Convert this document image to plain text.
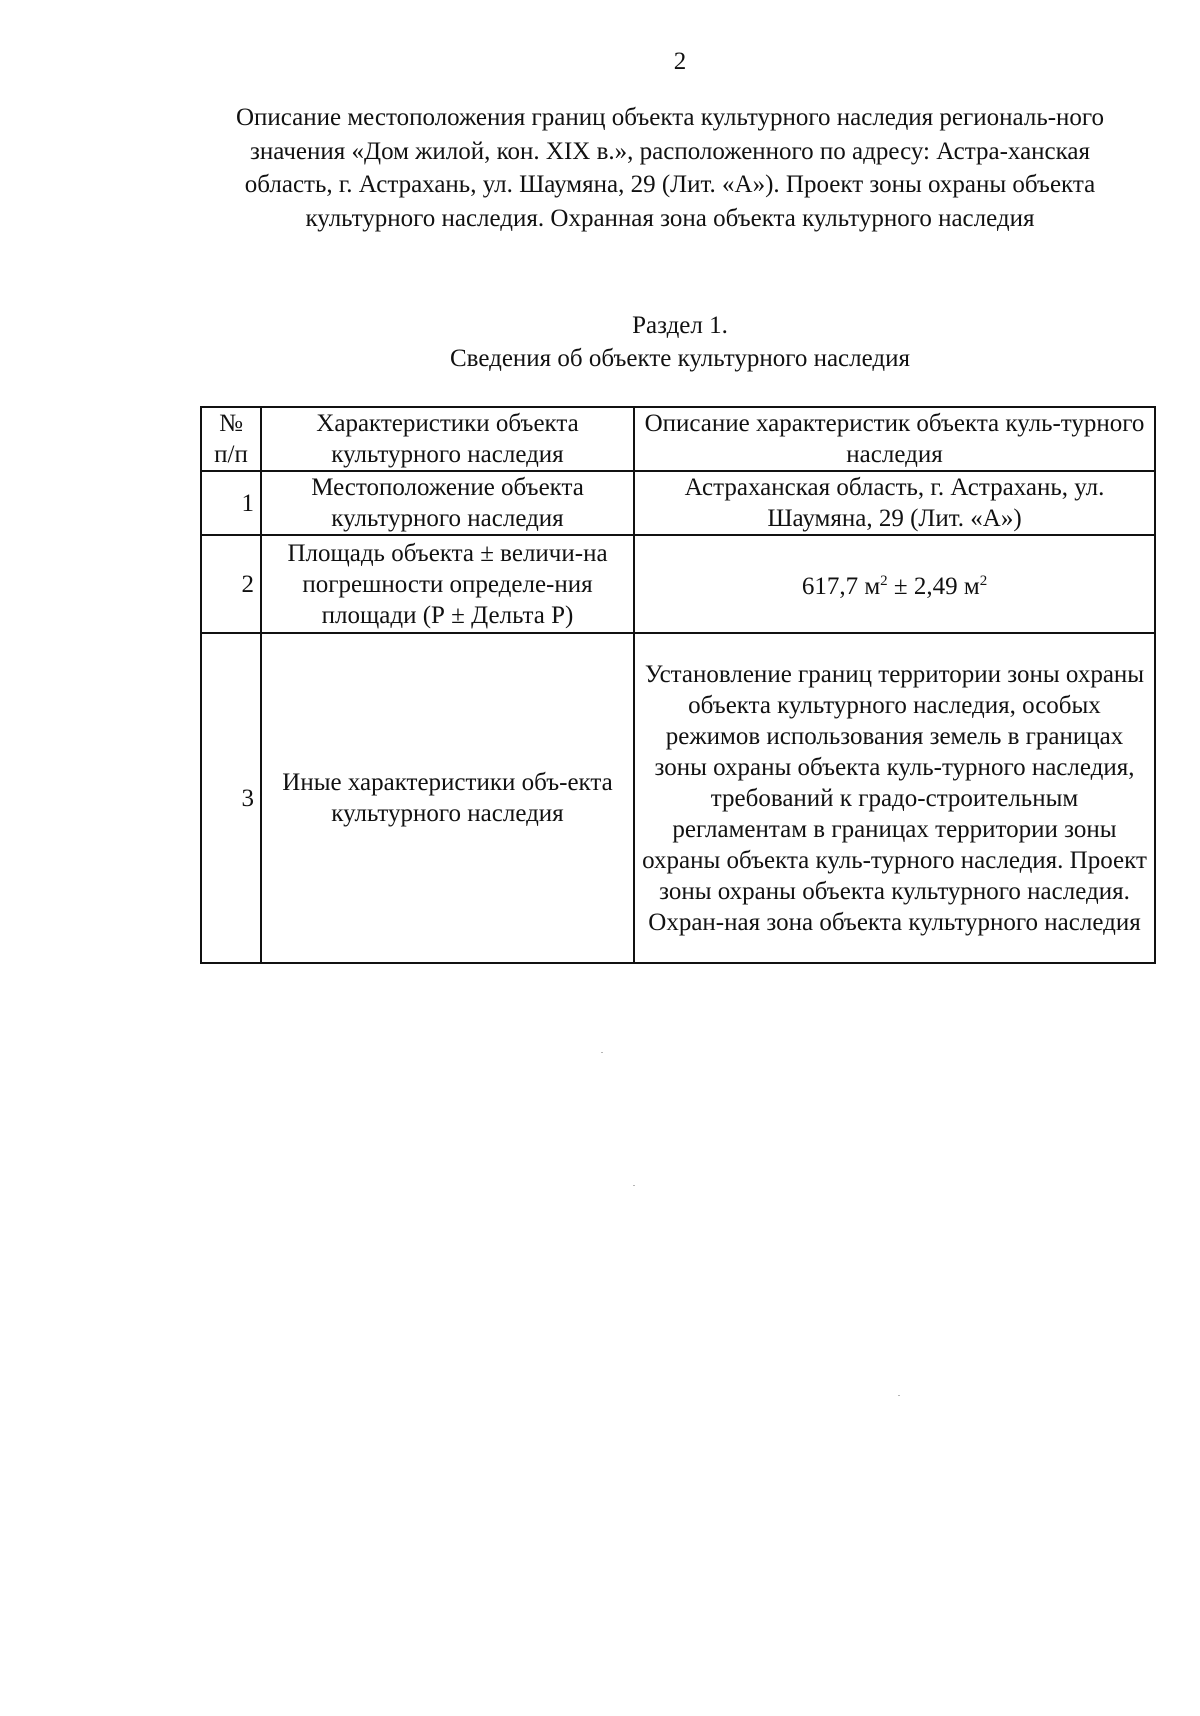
2
Описание местоположения границ объекта культурного наследия региональ-ного значения «Дом жилой, кон. XIX в.», расположенного по адресу: Астра-ханская область, г. Астрахань, ул. Шаумяна, 29 (Лит. «А»). Проект зоны охраны объекта культурного наследия. Охранная зона объекта культурного наследия
Раздел 1.
Сведения об объекте культурного наследия
№ п/п	Характеристики объекта культурного наследия	Описание характеристик объекта куль-турного наследия
1	Местоположение объекта культурного наследия	Астраханская область, г. Астрахань, ул. Шаумяна, 29 (Лит. «А»)
2	Площадь объекта ± величи-на погрешности определе-ния площади (Р ± Дельта Р)	617,7 $м^2 \pm 2,49$ $м^2$
3	Иные характеристики объ-екта культурного наследия	Установление границ территории зоны охраны объекта культурного наследия, особых режимов использования земель в границах зоны охраны объекта куль-турного наследия, требований к градо-строительным регламентам в границах территории зоны охраны объекта куль-турного наследия. Проект зоны охраны объекта культурного наследия. Охран-ная зона объекта культурного наследия
